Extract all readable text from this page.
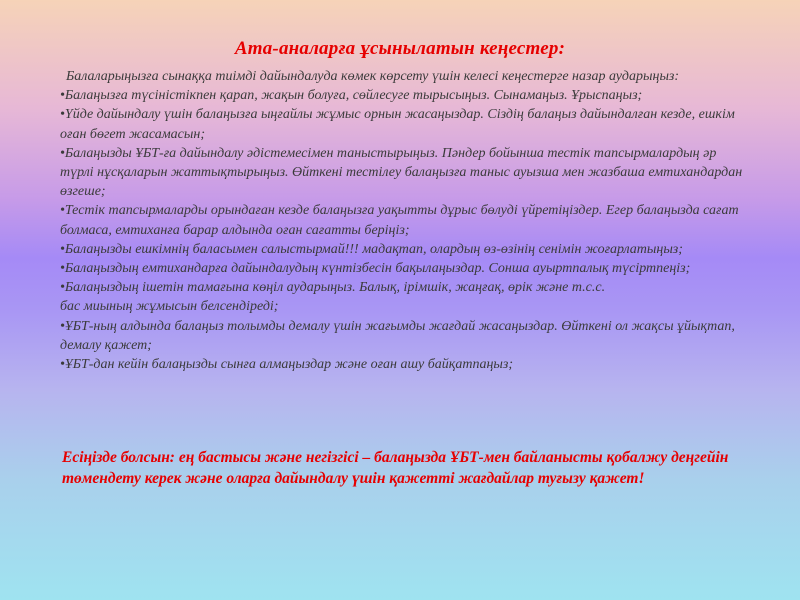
Ата-аналарға ұсынылатын кеңестер:

Балаларыңызға сынаққа тиімді дайындалуда көмек көрсету үшін келесі кеңестерге назар аударыңыз:

•Балаңызға түсіністікпен қарап, жақын болуға, сөйлесуге тырысыңыз. Сынамаңыз. Ұрыспаңыз;

•Үйде дайындалу үшін балаңызға ыңғайлы жұмыс орнын жасаңыздар. Сіздің балаңыз дайындалған кезде, ешкім оған бөгет жасамасын;

•Балаңызды ҰБТ-ға дайындалу әдістемесімен таныстырыңыз. Пәндер бойынша тестік тапсырмалардың әр түрлі нұсқаларын жаттықтырыңыз. Өйткені тестілеу балаңызға таныс ауызша мен жазбаша емтихандардан өзгеше;

•Тестік тапсырмаларды орындаған кезде балаңызға уақытты дұрыс бөлуді үйретіңіздер. Егер балаңызда сағат болмаса, емтиханға барар алдында оған сағатты беріңіз;

•Балаңызды ешкімнің баласымен салыстырмай!!! мадақтап, олардың өз-өзінің сенімін жоғарлатыңыз;

•Балаңыздың емтихандарға дайындалудың күнтізбесін бақылаңыздар. Сонша ауыртпалық түсіртпеңіз;

•Балаңыздың ішетін тамағына көңіл аударыңыз. Балық, ірімшік, жаңғақ, өрік және т.с.с.
бас миының жұмысын белсендіреді;

•ҰБТ-ның алдында балаңыз толымды демалу үшін жағымды жағдай жасаңыздар. Өйткені ол жақсы ұйықтап, демалу қажет;

•ҰБТ-дан кейін балаңызды сынға алмаңыздар және оған ашу байқатпаңыз;

Есіңізде болсын: ең бастысы және негізгісі – балаңызда ҰБТ-мен байланысты қобалжу деңгейін төмендету керек және оларға дайындалу үшін қажетті жағдайлар туғызу қажет!
